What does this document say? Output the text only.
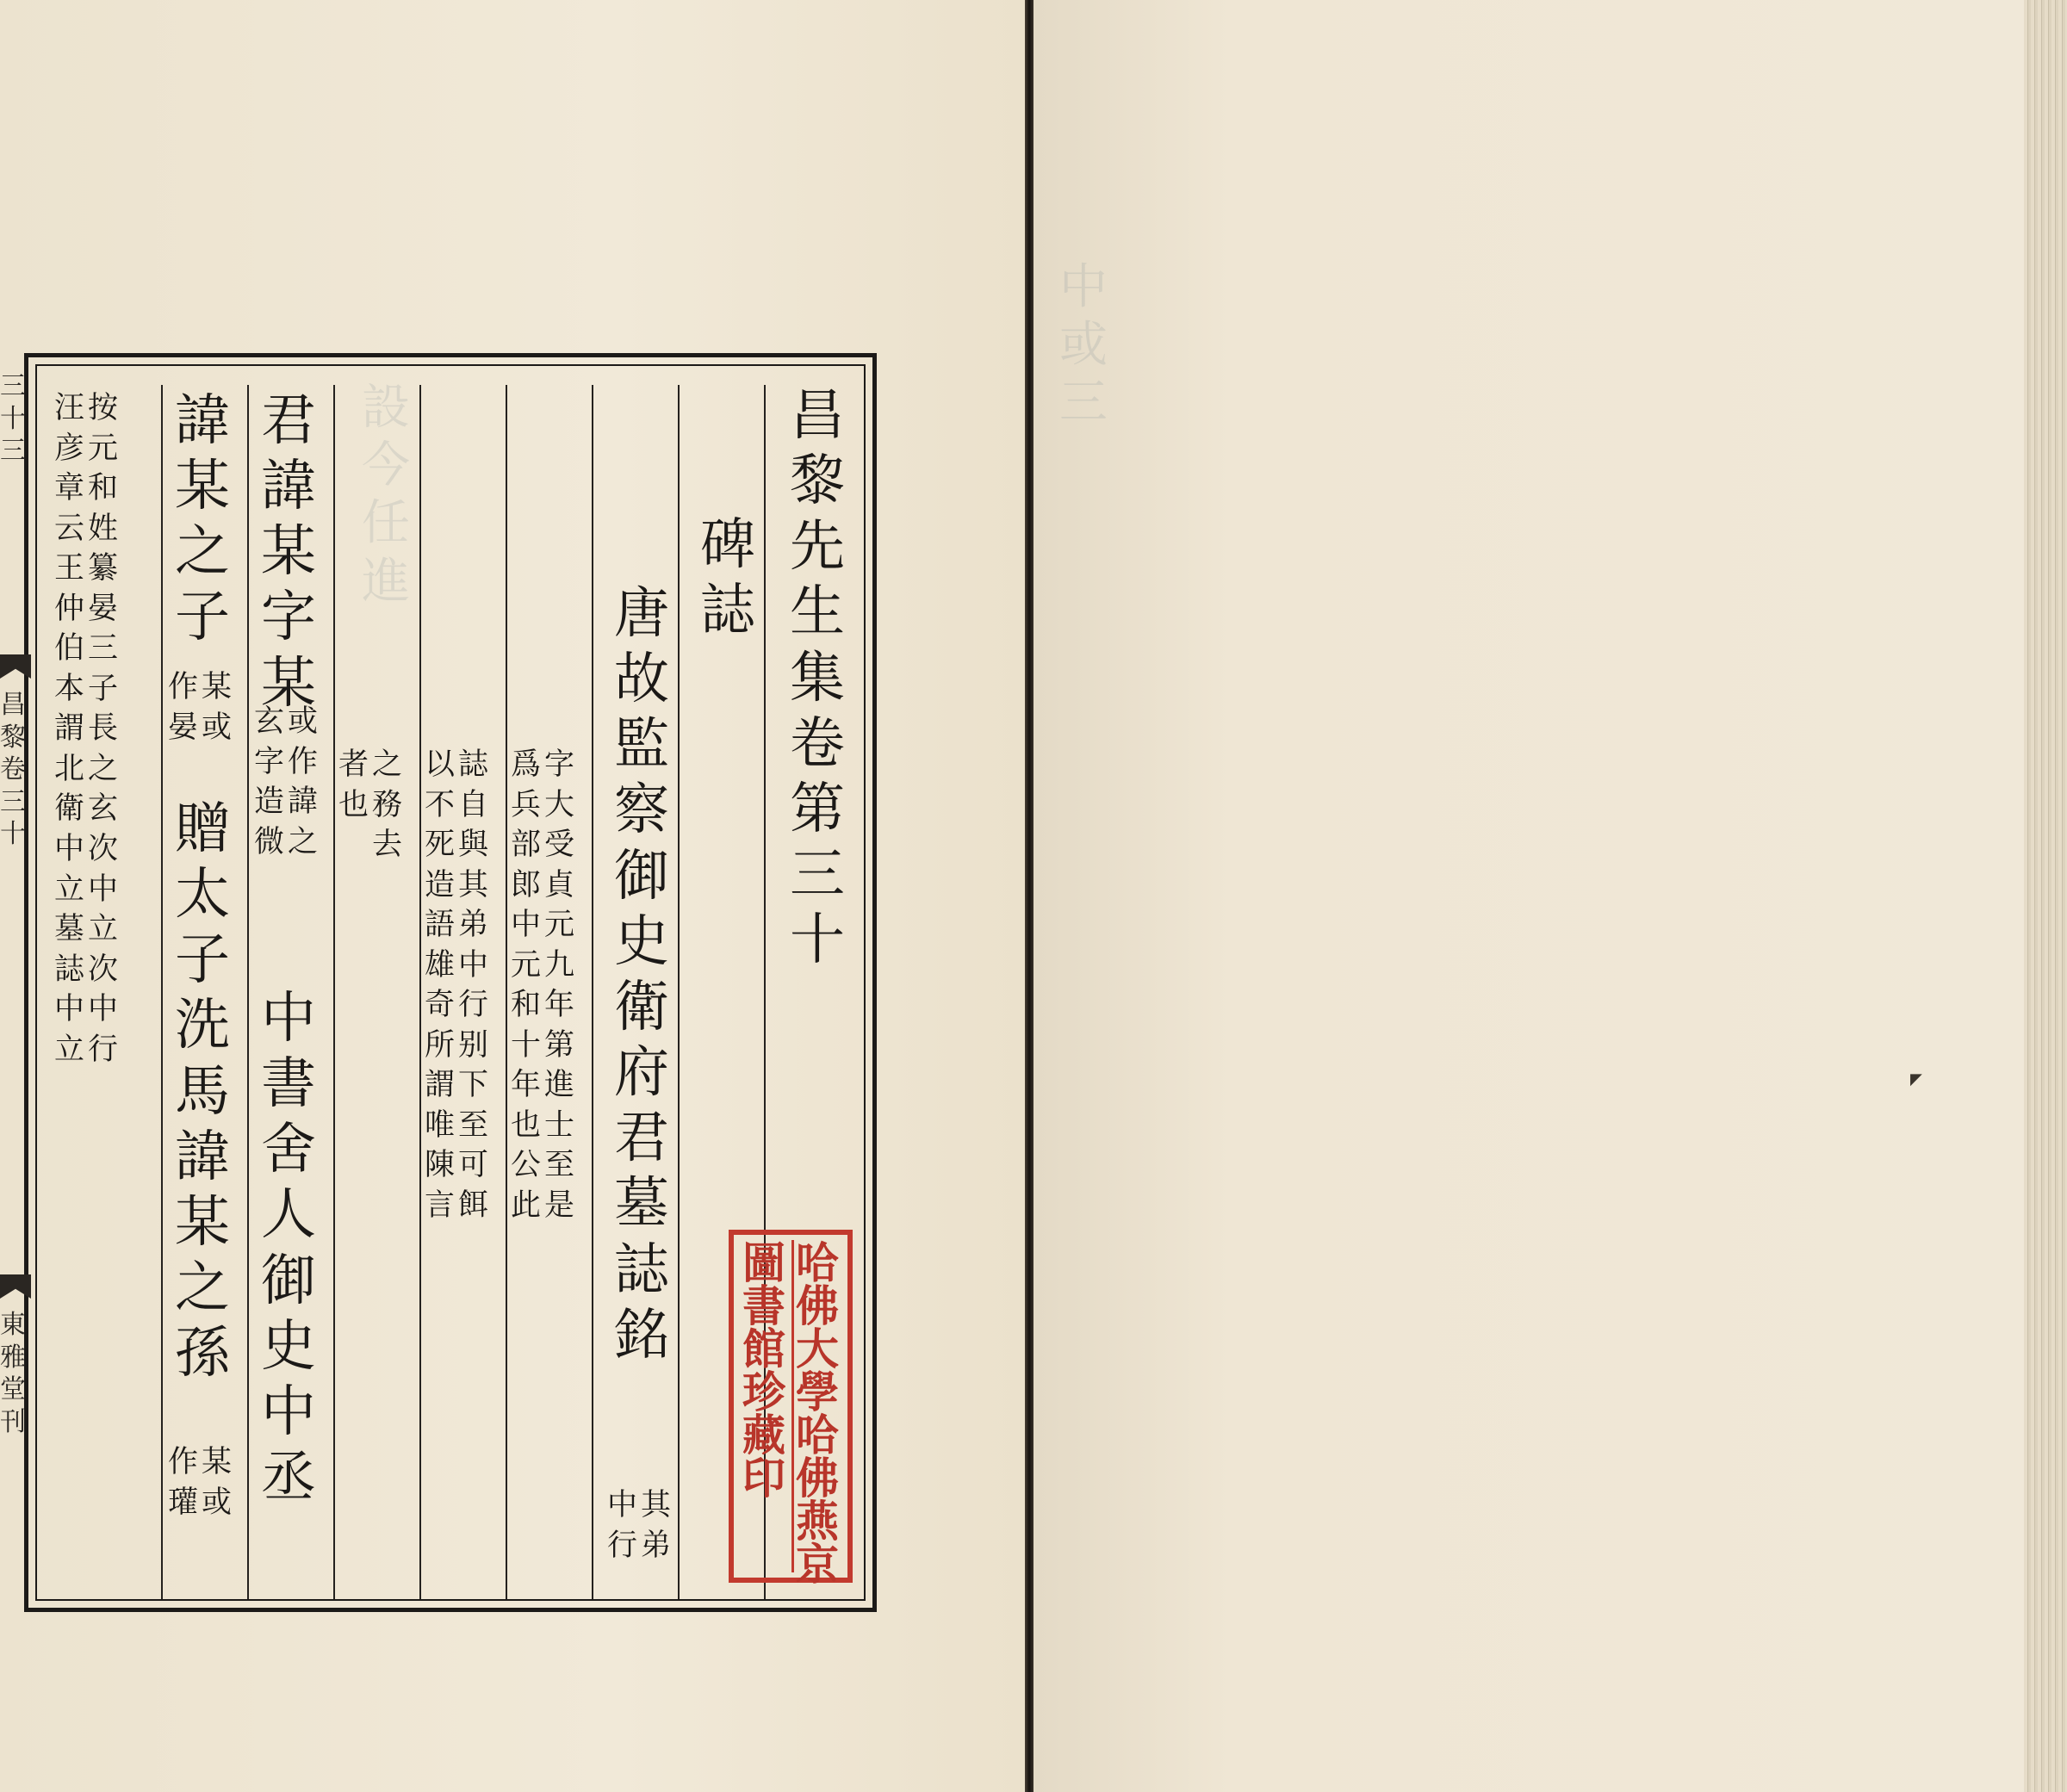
設
今
任
進
昌
黎
先
生
集
卷
第
三
十
碑
誌
唐
故
監
察
御
史
衛
府
君
墓
誌
銘
其
弟
中
行
字
大
受
貞
元
九
年
第
進
士
至
是
爲
兵
部
郎
中
元
和
十
年
也
公
此
誌
自
與
其
弟
中
行
别
下
至
可
餌
以
不
死
造
語
雄
奇
所
謂
唯
陳
言
之
務
去
者
也
君
諱
某
字
某
或
作
諱
之
玄
字
造
微
中
書
舍
人
御
史
中
丞
諱
某
之
子
某
或
作
晏
贈
太
子
洗
馬
諱
某
之
孫
某
或
作
瓘
按
元
和
姓
纂
晏
三
子
長
之
玄
次
中
立
次
中
行
汪
彦
章
云
王
仲
伯
本
謂
北
衛
中
立
墓
誌
中
立
三
十
三
昌
黎
卷
三
十
東
雅
堂
刊
哈
佛
大
學
哈
佛
燕
京
圖
書
館
珍
藏
印
中
或
三
◤
